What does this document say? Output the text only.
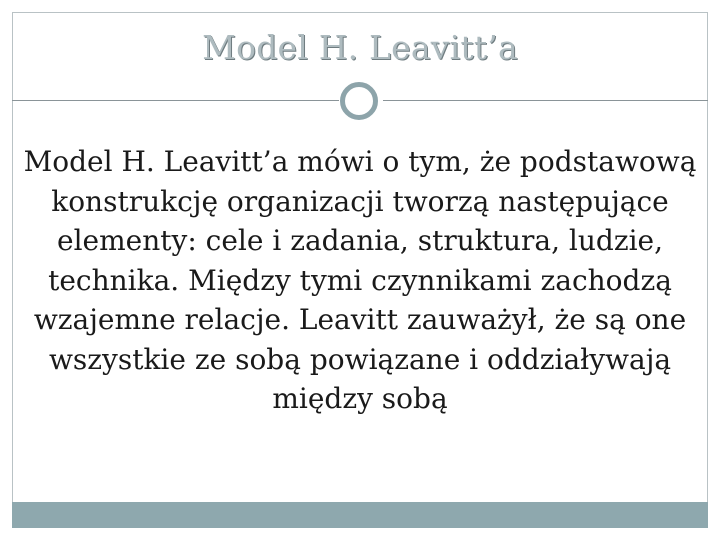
Model H. Leavitt’a

Model H. Leavitt’a mówi o tym, że podstawową konstrukcję organizacji tworzą następujące elementy: cele i zadania, struktura, ludzie, technika. Między tymi czynnikami zachodzą wzajemne relacje. Leavitt zauważył, że są one wszystkie ze sobą powiązane i oddziaływają między sobą
